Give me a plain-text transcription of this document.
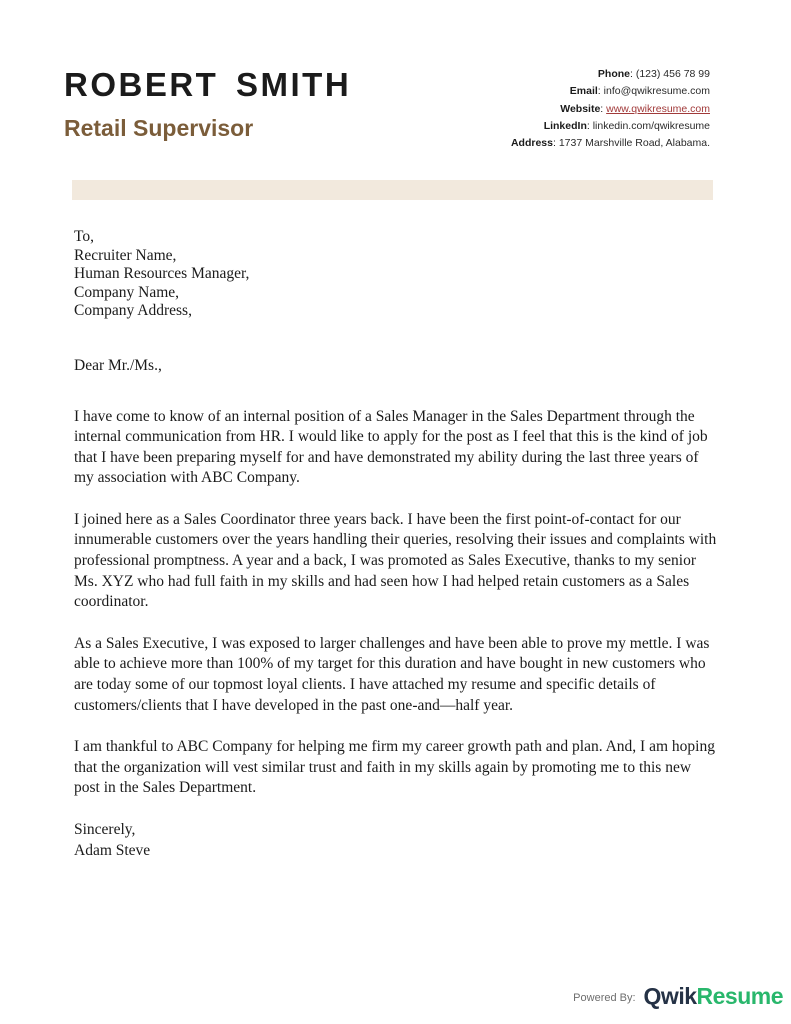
ROBERT SMITH
Retail Supervisor
Phone : (123) 456 78 99
Email : info@qwikresume.com
Website : www.qwikresume.com
LinkedIn : linkedin.com/qwikresume
Address : 1737 Marshville Road, Alabama.
To,
Recruiter Name,
Human Resources Manager,
Company Name,
Company Address,
Dear Mr./Ms.,

I have come to know of an internal position of a Sales Manager in the Sales Department through the internal communication from HR. I would like to apply for the post as I feel that this is the kind of job that I have been preparing myself for and have demonstrated my ability during the last three years of my association with ABC Company.

I joined here as a Sales Coordinator three years back. I have been the first point-of-contact for our innumerable customers over the years handling their queries, resolving their issues and complaints with professional promptness. A year and a back, I was promoted as Sales Executive, thanks to my senior Ms. XYZ who had full faith in my skills and had seen how I had helped retain customers as a Sales coordinator.

As a Sales Executive, I was exposed to larger challenges and have been able to prove my mettle. I was able to achieve more than 100% of my target for this duration and have bought in new customers who are today some of our topmost loyal clients. I have attached my resume and specific details of customers/clients that I have developed in the past one-and—half year.

I am thankful to ABC Company for helping me firm my career growth path and plan. And, I am hoping that the organization will vest similar trust and faith in my skills again by promoting me to this new post in the Sales Department.

Sincerely,
Adam Steve
Powered By: QwikResume
